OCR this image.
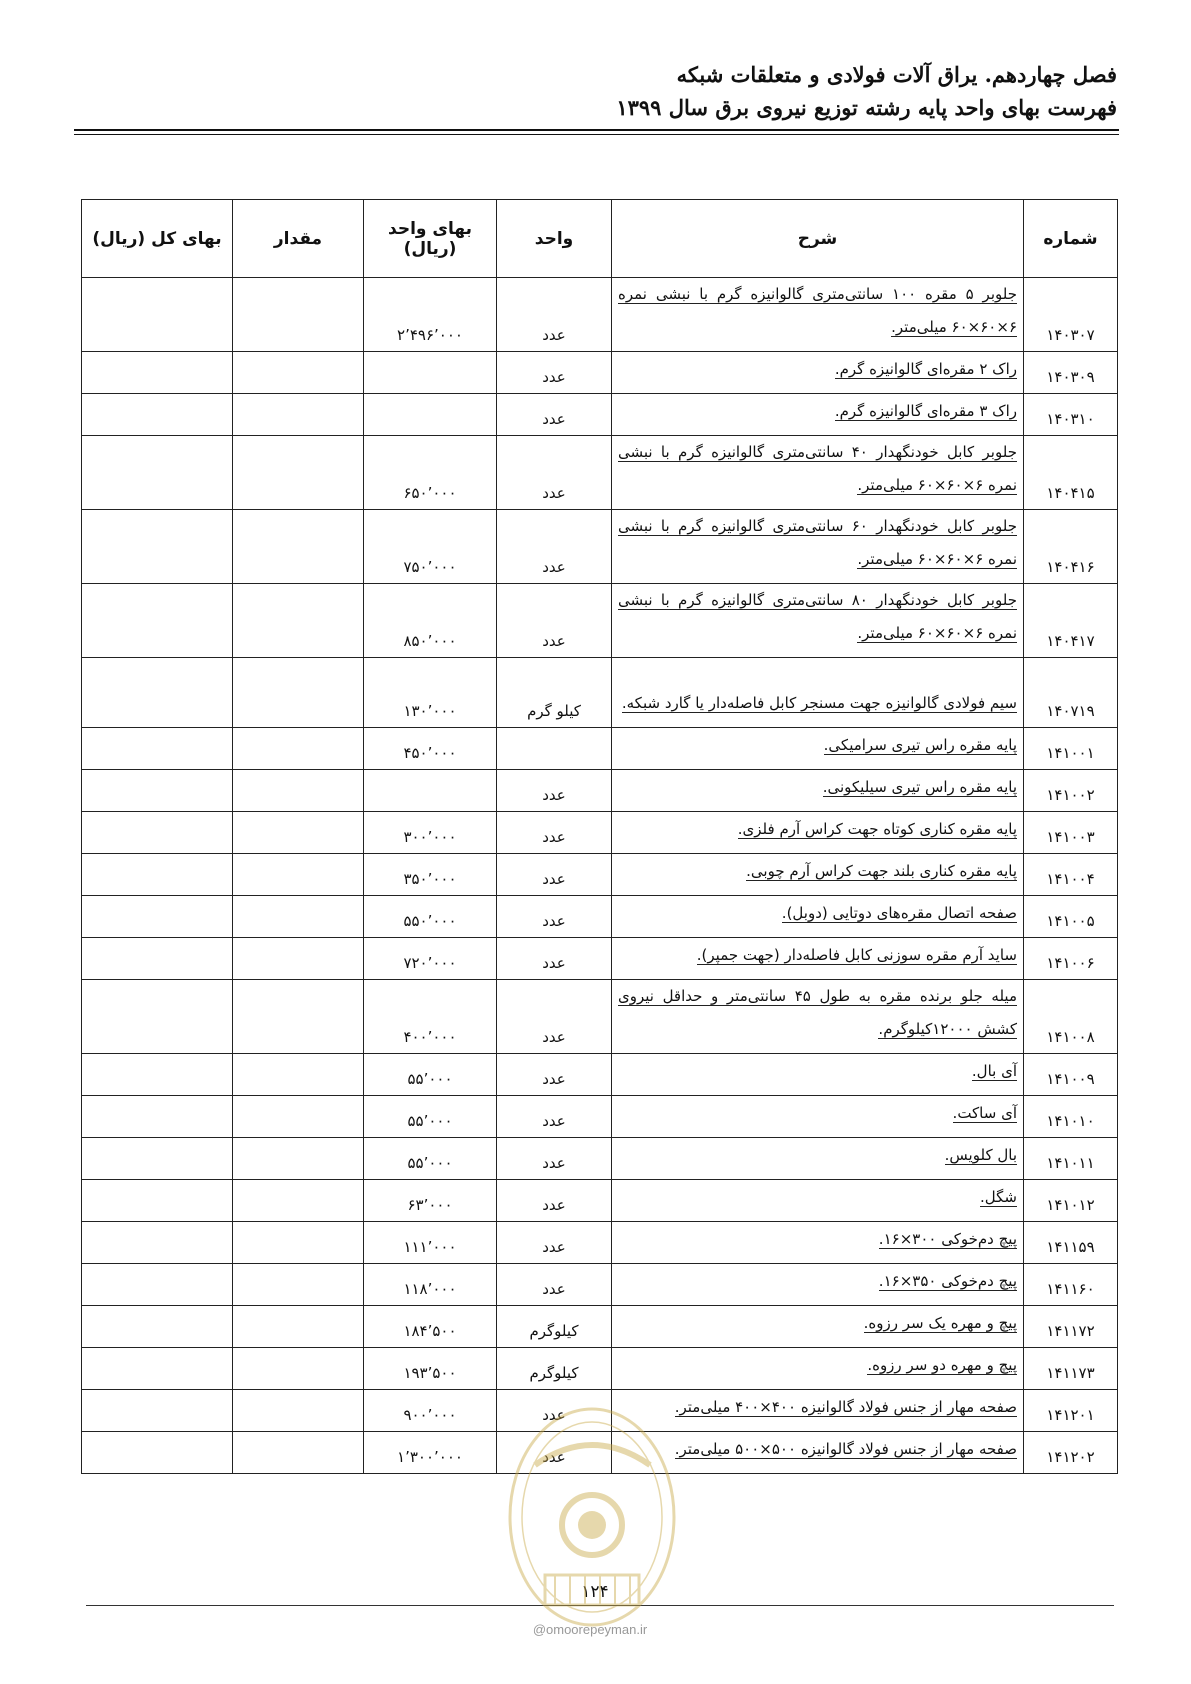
فصل چهاردهم. یراق آلات فولادی و متعلقات شبکه
فهرست بهای واحد پایه رشته توزیع نیروی برق سال ۱۳۹۹
شماره	شرح	واحد	بهای واحد
(ریال)	مقدار	بهای کل (ریال)
۱۴۰۳۰۷	جلوبر ۵ مقره ۱۰۰ سانتی‌متری گالوانیزه گرم با نبشی نمره ۶×۶۰×۶۰ میلی‌متر.	عدد	۲٬۴۹۶٬۰۰۰		
۱۴۰۳۰۹	راک ۲ مقره‌ای گالوانیزه گرم.	عدد			
۱۴۰۳۱۰	راک ۳ مقره‌ای گالوانیزه گرم.	عدد			
۱۴۰۴۱۵	جلوبر کابل خودنگهدار ۴۰ سانتی‌متری گالوانیزه گرم با نبشی نمره ۶×۶۰×۶۰ میلی‌متر.	عدد	۶۵۰٬۰۰۰		
۱۴۰۴۱۶	جلوبر کابل خودنگهدار ۶۰ سانتی‌متری گالوانیزه گرم با نبشی نمره ۶×۶۰×۶۰ میلی‌متر.	عدد	۷۵۰٬۰۰۰		
۱۴۰۴۱۷	جلوبر کابل خودنگهدار ۸۰ سانتی‌متری گالوانیزه گرم با نبشی نمره ۶×۶۰×۶۰ میلی‌متر.	عدد	۸۵۰٬۰۰۰		
۱۴۰۷۱۹	سیم فولادی گالوانیزه جهت مسنجر کابل فاصله‌دار یا گارد شبکه.	کیلو گرم	۱۳۰٬۰۰۰		
۱۴۱۰۰۱	پایه مقره راس تیری سرامیکی.		۴۵۰٬۰۰۰		
۱۴۱۰۰۲	پایه مقره راس تیری سیلیکونی.	عدد			
۱۴۱۰۰۳	پایه مقره کناری کوتاه جهت کراس آرم فلزی.	عدد	۳۰۰٬۰۰۰		
۱۴۱۰۰۴	پایه مقره کناری بلند جهت کراس آرم چوبی.	عدد	۳۵۰٬۰۰۰		
۱۴۱۰۰۵	صفحه اتصال مقره‌های دوتایی (دوبل).	عدد	۵۵۰٬۰۰۰		
۱۴۱۰۰۶	ساید آرم مقره سوزنی کابل فاصله‌دار (جهت جمپر).	عدد	۷۲۰٬۰۰۰		
۱۴۱۰۰۸	میله جلو برنده مقره به طول ۴۵ سانتی‌متر و حداقل نیروی کشش ۱۲۰۰۰کیلوگرم.	عدد	۴۰۰٬۰۰۰		
۱۴۱۰۰۹	آی بال.	عدد	۵۵٬۰۰۰		
۱۴۱۰۱۰	آی ساکت.	عدد	۵۵٬۰۰۰		
۱۴۱۰۱۱	بال کلویس.	عدد	۵۵٬۰۰۰		
۱۴۱۰۱۲	شگل.	عدد	۶۳٬۰۰۰		
۱۴۱۱۵۹	پیچ دم‌خوکی ۳۰۰×۱۶.	عدد	۱۱۱٬۰۰۰		
۱۴۱۱۶۰	پیچ دم‌خوکی ۳۵۰×۱۶.	عدد	۱۱۸٬۰۰۰		
۱۴۱۱۷۲	پیچ و مهره یک سر رزوه.	کیلوگرم	۱۸۴٬۵۰۰		
۱۴۱۱۷۳	پیچ و مهره دو سر رزوه.	کیلوگرم	۱۹۳٬۵۰۰		
۱۴۱۲۰۱	صفحه مهار از جنس فولاد گالوانیزه ۴۰۰×۴۰۰ میلی‌متر.	عدد	۹۰۰٬۰۰۰		
۱۴۱۲۰۲	صفحه مهار از جنس فولاد گالوانیزه ۵۰۰×۵۰۰ میلی‌متر.	عدد	۱٬۳۰۰٬۰۰۰		
۱۲۴
@omoorepeyman.ir
